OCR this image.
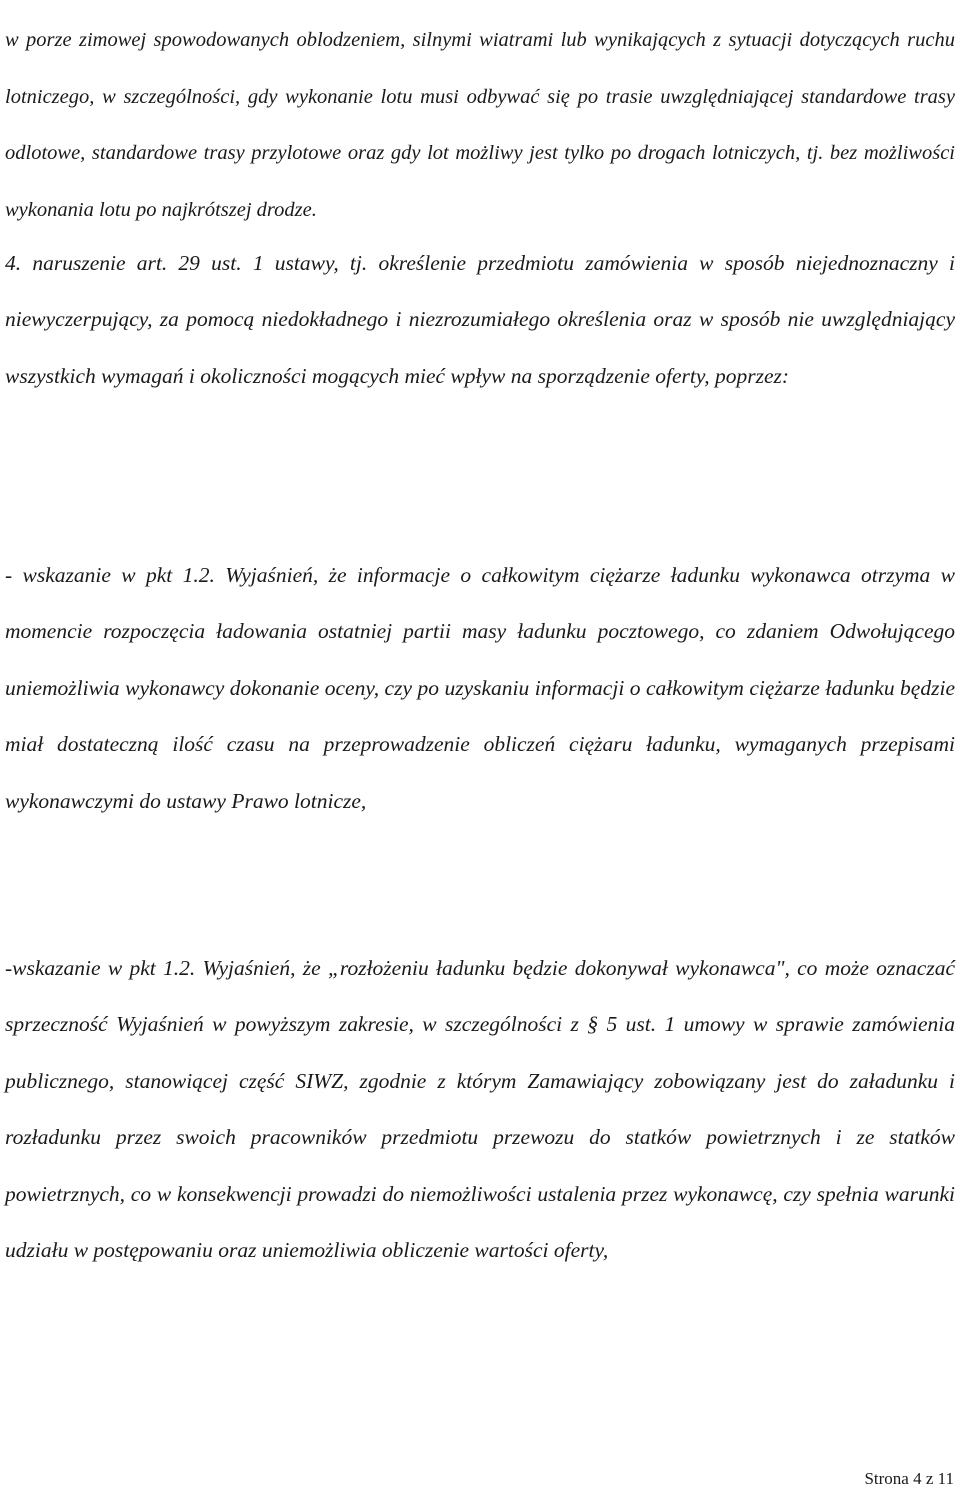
w porze zimowej spowodowanych oblodzeniem, silnymi wiatrami lub wynikających z sytuacji dotyczących ruchu lotniczego, w szczególności, gdy wykonanie lotu musi odbywać się po trasie uwzględniającej standardowe trasy odlotowe, standardowe trasy przylotowe oraz gdy lot możliwy jest tylko po drogach lotniczych, tj. bez możliwości wykonania lotu po najkrótszej drodze.

4. naruszenie art. 29 ust. 1 ustawy, tj. określenie przedmiotu zamówienia w sposób niejednoznaczny i niewyczerpujący, za pomocą niedokładnego i niezrozumiałego określenia oraz w sposób nie uwzględniający wszystkich wymagań i okoliczności mogących mieć wpływ na sporządzenie oferty, poprzez:

- wskazanie w pkt 1.2. Wyjaśnień, że informacje o całkowitym ciężarze ładunku wykonawca otrzyma w momencie rozpoczęcia ładowania ostatniej partii masy ładunku pocztowego, co zdaniem Odwołującego uniemożliwia wykonawcy dokonanie oceny, czy po uzyskaniu informacji o całkowitym ciężarze ładunku będzie miał dostateczną ilość czasu na przeprowadzenie obliczeń ciężaru ładunku, wymaganych przepisami wykonawczymi do ustawy Prawo lotnicze,

-wskazanie w pkt 1.2. Wyjaśnień, że „rozłożeniu ładunku będzie dokonywał wykonawca", co może oznaczać sprzeczność Wyjaśnień w powyższym zakresie, w szczególności z § 5 ust. 1 umowy w sprawie zamówienia publicznego, stanowiącej część SIWZ, zgodnie z którym Zamawiający zobowiązany jest do załadunku i rozładunku przez swoich pracowników przedmiotu przewozu do statków powietrznych i ze statków powietrznych, co w konsekwencji prowadzi do niemożliwości ustalenia przez wykonawcę, czy spełnia warunki udziału w postępowaniu oraz uniemożliwia obliczenie wartości oferty,

Strona 4 z 11
